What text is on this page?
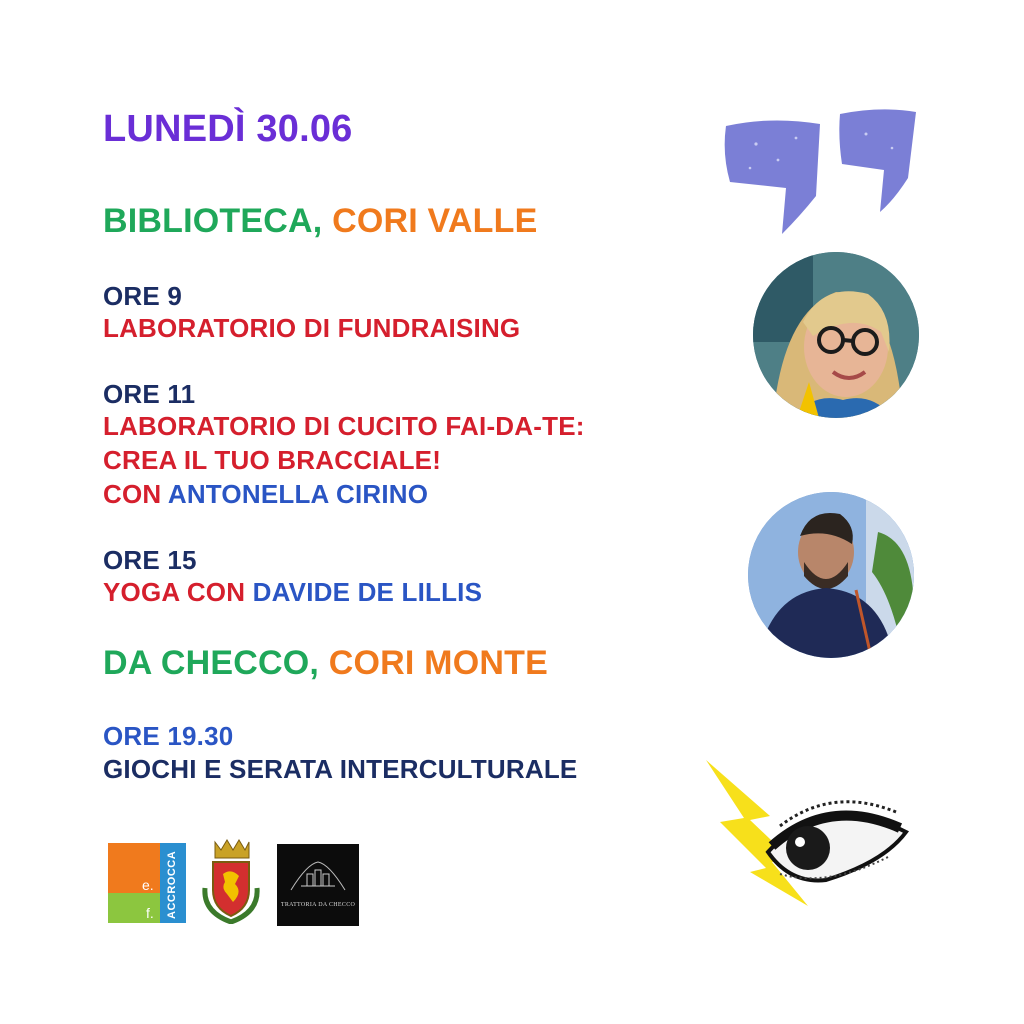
LUNEDÌ 30.06
BIBLIOTECA, CORI VALLE
ORE 9
LABORATORIO DI FUNDRAISING
ORE 11
LABORATORIO DI CUCITO FAI-DA-TE:
CREA IL TUO BRACCIALE!
CON ANTONELLA CIRINO
ORE 15
YOGA CON DAVIDE DE LILLIS
DA CHECCO, CORI MONTE
ORE 19.30
GIOCHI E SERATA INTERCULTURALE
e.
f. ACCROCCA	TRATTORIA DA CHECCO
